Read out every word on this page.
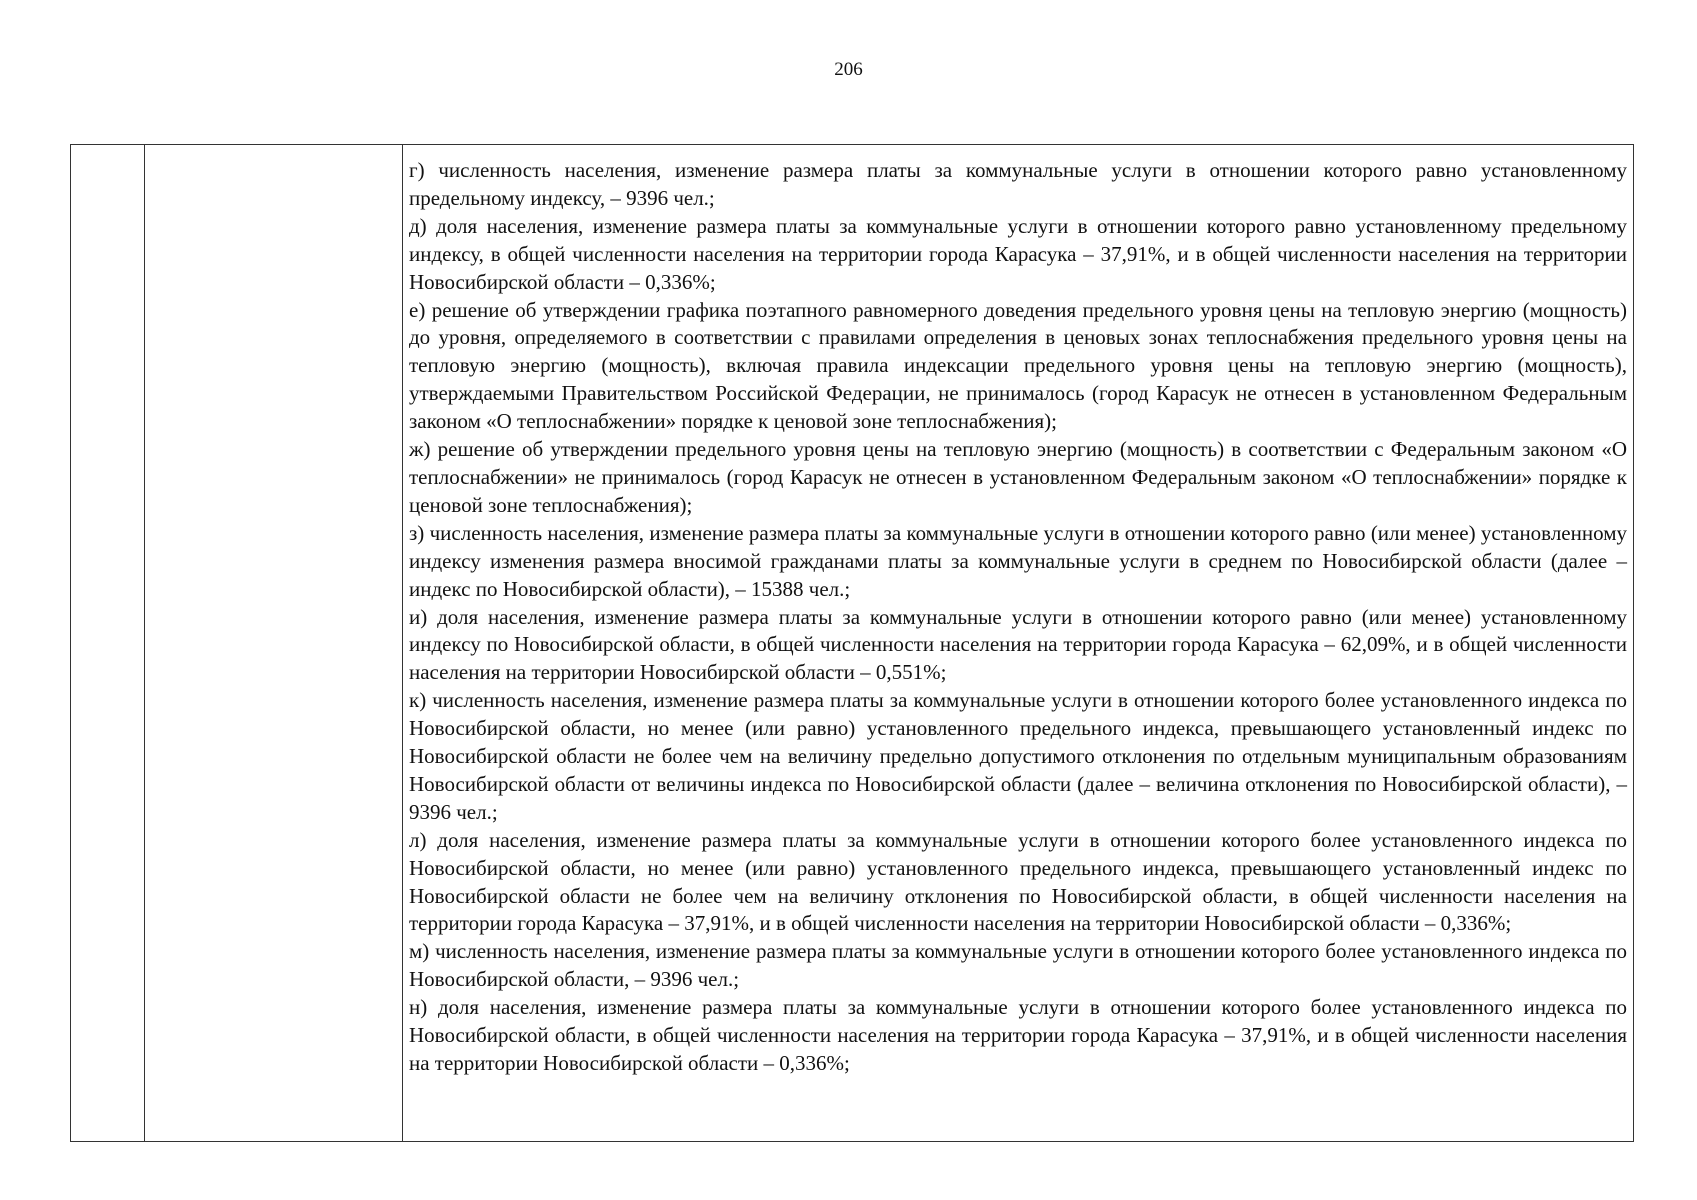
206

г) численность населения, изменение размера платы за коммунальные услуги в отношении которого равно установленному предельному индексу, – 9396 чел.;

д) доля населения, изменение размера платы за коммунальные услуги в отношении которого равно установленному предельному индексу, в общей численности населения на территории города Карасука – 37,91%, и в общей численности населения на территории Новосибирской области – 0,336%;

е) решение об утверждении графика поэтапного равномерного доведения предельного уровня цены на тепловую энергию (мощность) до уровня, определяемого в соответствии с правилами определения в ценовых зонах теплоснабжения предельного уровня цены на тепловую энергию (мощность), включая правила индексации предельного уровня цены на тепловую энергию (мощность), утверждаемыми Правительством Российской Федерации, не принималось (город Карасук не отнесен в установленном Федеральным законом «О теплоснабжении» порядке к ценовой зоне теплоснабжения);

ж) решение об утверждении предельного уровня цены на тепловую энергию (мощность) в соответствии с Федеральным законом «О теплоснабжении» не принималось (город Карасук не отнесен в установленном Федеральным законом «О теплоснабжении» порядке к ценовой зоне теплоснабжения);

з) численность населения, изменение размера платы за коммунальные услуги в отношении которого равно (или менее) установленному индексу изменения размера вносимой гражданами платы за коммунальные услуги в среднем по Новосибирской области (далее – индекс по Новосибирской области), – 15388 чел.;

и) доля населения, изменение размера платы за коммунальные услуги в отношении которого равно (или менее) установленному индексу по Новосибирской области, в общей численности населения на территории города Карасука – 62,09%, и в общей численности населения на территории Новосибирской области – 0,551%;

к) численность населения, изменение размера платы за коммунальные услуги в отношении которого более установленного индекса по Новосибирской области, но менее (или равно) установленного предельного индекса, превышающего установленный индекс по Новосибирской области не более чем на величину предельно допустимого отклонения по отдельным муниципальным образованиям Новосибирской области от величины индекса по Новосибирской области (далее – величина отклонения по Новосибирской области), – 9396 чел.;

л) доля населения, изменение размера платы за коммунальные услуги в отношении которого более установленного индекса по Новосибирской области, но менее (или равно) установленного предельного индекса, превышающего установленный индекс по Новосибирской области не более чем на величину отклонения по Новосибирской области, в общей численности населения на территории города Карасука – 37,91%, и в общей численности населения на территории Новосибирской области – 0,336%;

м) численность населения, изменение размера платы за коммунальные услуги в отношении которого более установленного индекса по Новосибирской области, – 9396 чел.;

н) доля населения, изменение размера платы за коммунальные услуги в отношении которого более установленного индекса по Новосибирской области, в общей численности населения на территории города Карасука – 37,91%, и в общей численности населения на территории Новосибирской области – 0,336%;
